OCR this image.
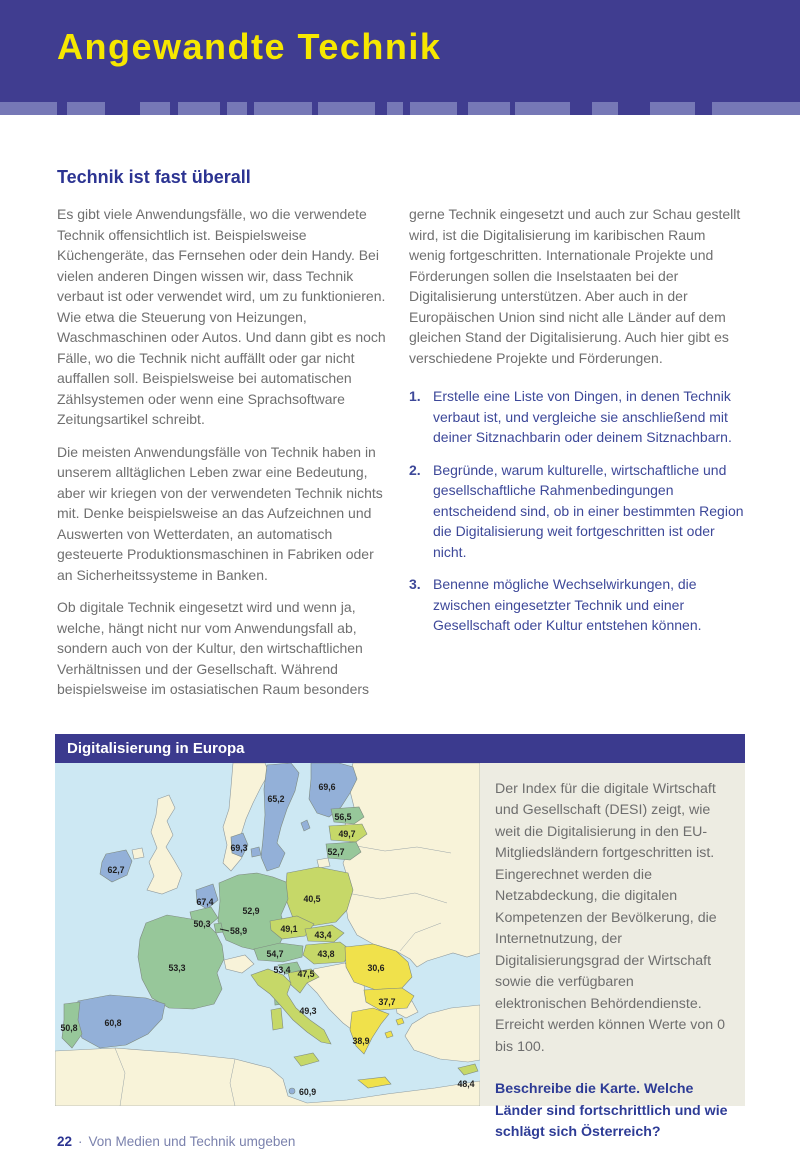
Angewandte Technik
Technik ist fast überall

Es gibt viele Anwendungsfälle, wo die verwendete Technik offensichtlich ist. Beispielsweise Küchengeräte, das Fernsehen oder dein Handy. Bei vielen anderen Dingen wissen wir, dass Technik verbaut ist oder verwendet wird, um zu funktionieren. Wie etwa die Steuerung von Heizungen, Waschmaschinen oder Autos. Und dann gibt es noch Fälle, wo die Technik nicht auffällt oder gar nicht auffallen soll. Beispielsweise bei automatischen Zählsystemen oder wenn eine Sprachsoftware Zeitungsartikel schreibt.

Die meisten Anwendungsfälle von Technik haben in unserem alltäglichen Leben zwar eine Bedeutung, aber wir kriegen von der verwendeten Technik nichts mit. Denke beispielsweise an das Aufzeichnen und Auswerten von Wetterdaten, an automatisch gesteuerte Produktionsmaschinen in Fabriken oder an Sicherheitssysteme in Banken.

Ob digitale Technik eingesetzt wird und wenn ja, welche, hängt nicht nur vom Anwendungsfall ab, sondern auch von der Kultur, den wirtschaftlichen Verhältnissen und der Gesellschaft. Während beispielsweise im ostasiatischen Raum besonders

gerne Technik eingesetzt und auch zur Schau gestellt wird, ist die Digitalisierung im karibischen Raum wenig fortgeschritten. Internationale Projekte und Förderungen sollen die Inselstaaten bei der Digitalisierung unterstützen. Aber auch in der Europäischen Union sind nicht alle Länder auf dem gleichen Stand der Digitalisierung. Auch hier gibt es verschiedene Projekte und Förderungen.

1. Erstelle eine Liste von Dingen, in denen Technik verbaut ist, und vergleiche sie anschließend mit deiner Sitznachbarin oder deinem Sitznachbarn.
2. Begründe, warum kulturelle, wirtschaftliche und gesellschaftliche Rahmenbedingungen entscheidend sind, ob in einer bestimmten Region die Digitalisierung weit fortgeschritten ist oder nicht.
3. Benenne mögliche Wechselwirkungen, die zwischen eingesetzter Technik und einer Gesellschaft oder Kultur entstehen können.
Digitalisierung in Europa
69,6
65,2
56,5
49,7
69,3	52,7
62,7
40,5
67,4
52,9
50,3	49,1
58,9	43,4
54,7	43,8
30,6
53,3	53,4 47,5
37,7
49,3
60,8
50,8
38,9
48,4
60,9
Der Index für die digitale Wirtschaft und Gesellschaft (DESI) zeigt, wie weit die Digitalisierung in den EU-Mitgliedsländern fortgeschritten ist. Eingerechnet werden die Netzabdeckung, die digitalen Kompetenzen der Bevölkerung, die Internetnutzung, der Digitalisierungsgrad der Wirtschaft sowie die verfügbaren elektronischen Behördendienste. Erreicht werden können Werte von 0 bis 100.
Beschreibe die Karte. Welche Länder sind fortschrittlich und wie schlägt sich Österreich?
22 · Von Medien und Technik umgeben
